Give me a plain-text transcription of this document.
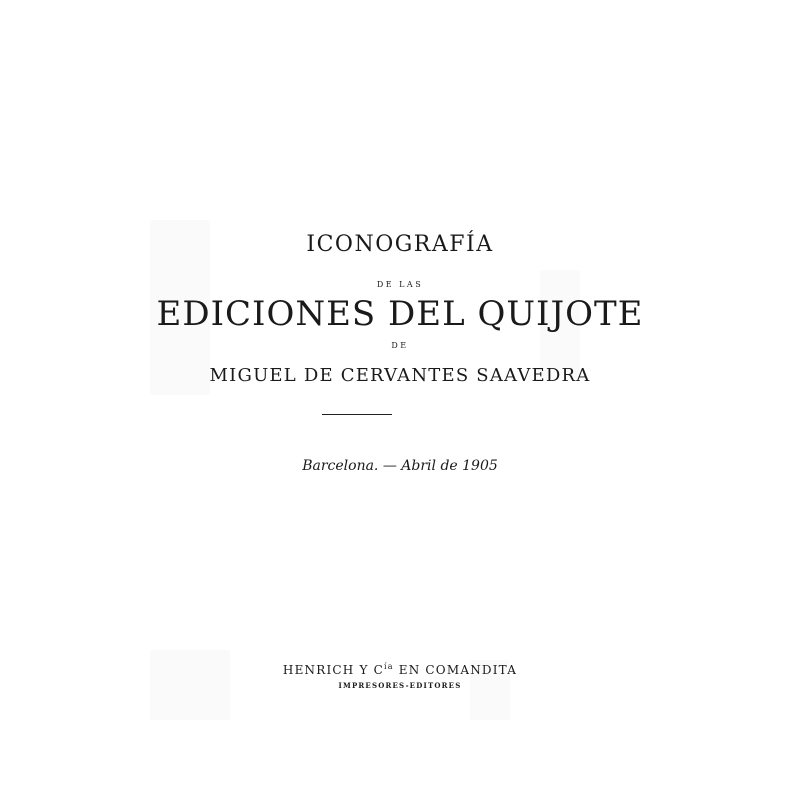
ICONOGRAFÍA
DE LAS
EDICIONES DEL QUIJOTE
DE
MIGUEL DE CERVANTES SAAVEDRA
Barcelona. — Abril de 1905
HENRICH Y $C^{ía}$ EN COMANDITA
IMPRESORES-EDITORES
